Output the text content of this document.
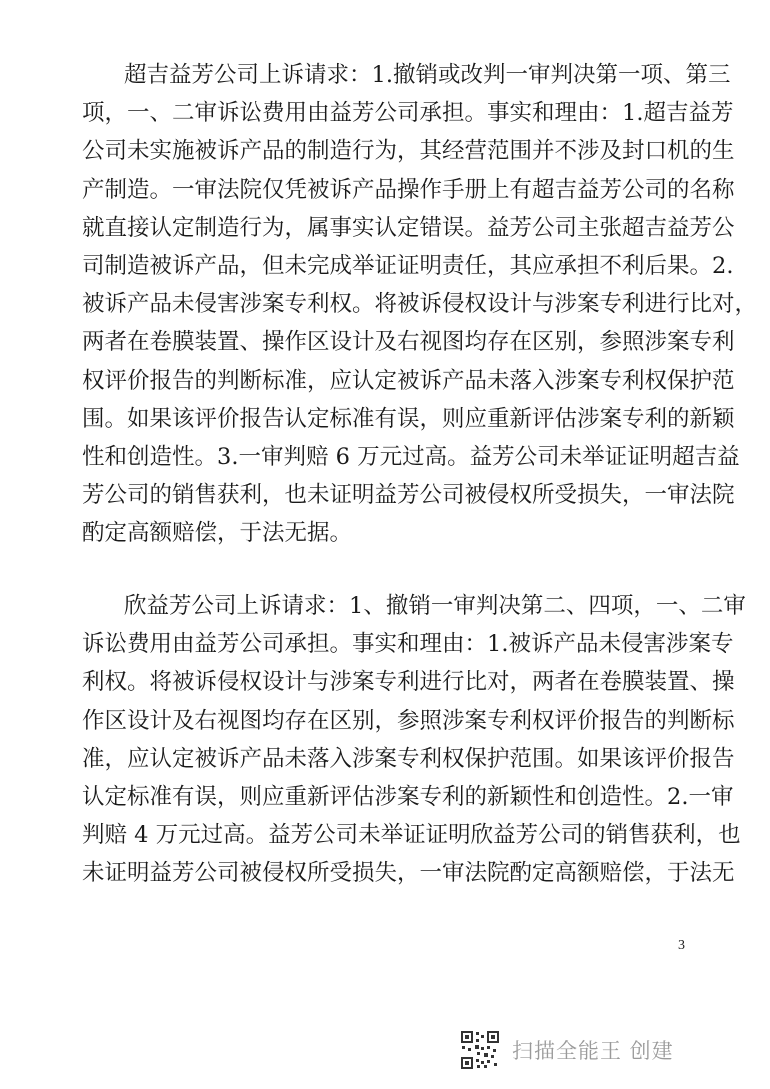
超吉益芳公司上诉请求：1.撤销或改判一审判决第一项、第三
项，一、二审诉讼费用由益芳公司承担。事实和理由：1.超吉益芳
公司未实施被诉产品的制造行为，其经营范围并不涉及封口机的生
产制造。一审法院仅凭被诉产品操作手册上有超吉益芳公司的名称
就直接认定制造行为，属事实认定错误。益芳公司主张超吉益芳公
司制造被诉产品，但未完成举证证明责任，其应承担不利后果。2.
被诉产品未侵害涉案专利权。将被诉侵权设计与涉案专利进行比对，
两者在卷膜装置、操作区设计及右视图均存在区别，参照涉案专利
权评价报告的判断标准，应认定被诉产品未落入涉案专利权保护范
围。如果该评价报告认定标准有误，则应重新评估涉案专利的新颖
性和创造性。3.一审判赔 6 万元过高。益芳公司未举证证明超吉益
芳公司的销售获利，也未证明益芳公司被侵权所受损失，一审法院
酌定高额赔偿，于法无据。
欣益芳公司上诉请求：1、撤销一审判决第二、四项，一、二审
诉讼费用由益芳公司承担。事实和理由：1.被诉产品未侵害涉案专
利权。将被诉侵权设计与涉案专利进行比对，两者在卷膜装置、操
作区设计及右视图均存在区别，参照涉案专利权评价报告的判断标
准，应认定被诉产品未落入涉案专利权保护范围。如果该评价报告
认定标准有误，则应重新评估涉案专利的新颖性和创造性。2.一审
判赔 4 万元过高。益芳公司未举证证明欣益芳公司的销售获利，也
未证明益芳公司被侵权所受损失，一审法院酌定高额赔偿，于法无
3
扫描全能王 创建
